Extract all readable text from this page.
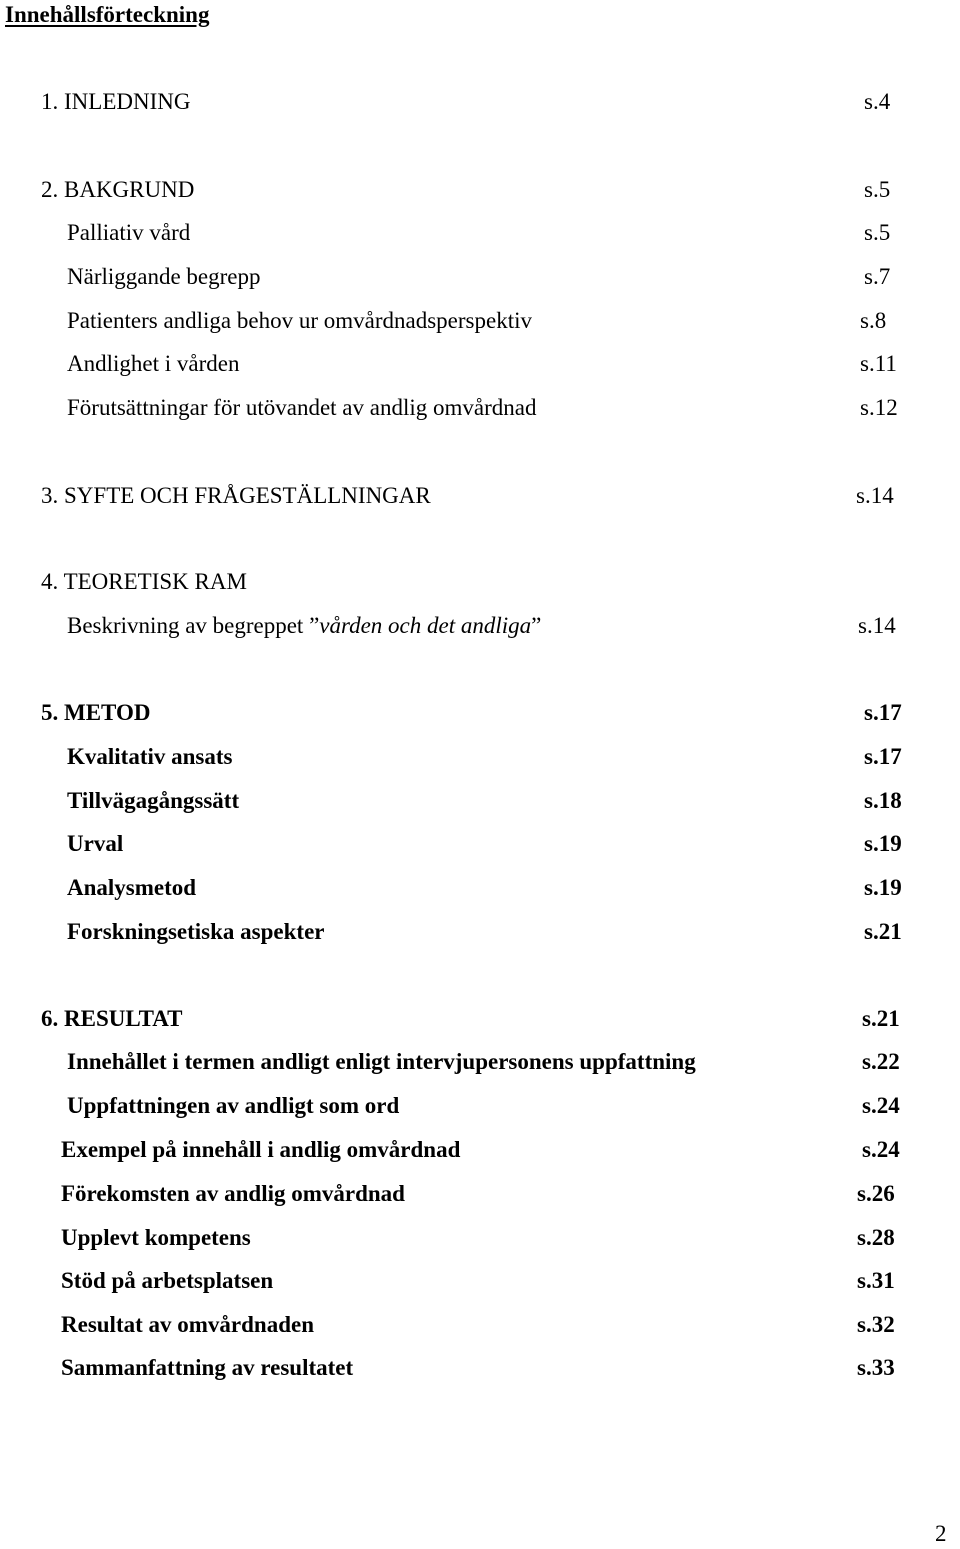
Innehållsförteckning
1. INLEDNING	s.4
2. BAKGRUND	s.5
Palliativ vård	s.5
Närliggande begrepp	s.7
Patienters andliga behov ur omvårdnadsperspektiv	s.8
Andlighet i vården	s.11
Förutsättningar för utövandet av andlig omvårdnad	s.12
3. SYFTE OCH FRÅGESTÄLLNINGAR	s.14
4. TEORETISK RAM
Beskrivning av begreppet ”vården och det andliga”	s.14
5. METOD	s.17
Kvalitativ ansats	s.17
Tillvägagångssätt	s.18
Urval	s.19
Analysmetod	s.19
Forskningsetiska aspekter	s.21
6. RESULTAT	s.21
Innehållet i termen andligt enligt intervjupersonens uppfattning	s.22
Uppfattningen av andligt som ord	s.24
Exempel på innehåll i andlig omvårdnad	s.24
Förekomsten av andlig omvårdnad	s.26
Upplevt kompetens	s.28
Stöd på arbetsplatsen	s.31
Resultat av omvårdnaden	s.32
Sammanfattning av resultatet	s.33
2
